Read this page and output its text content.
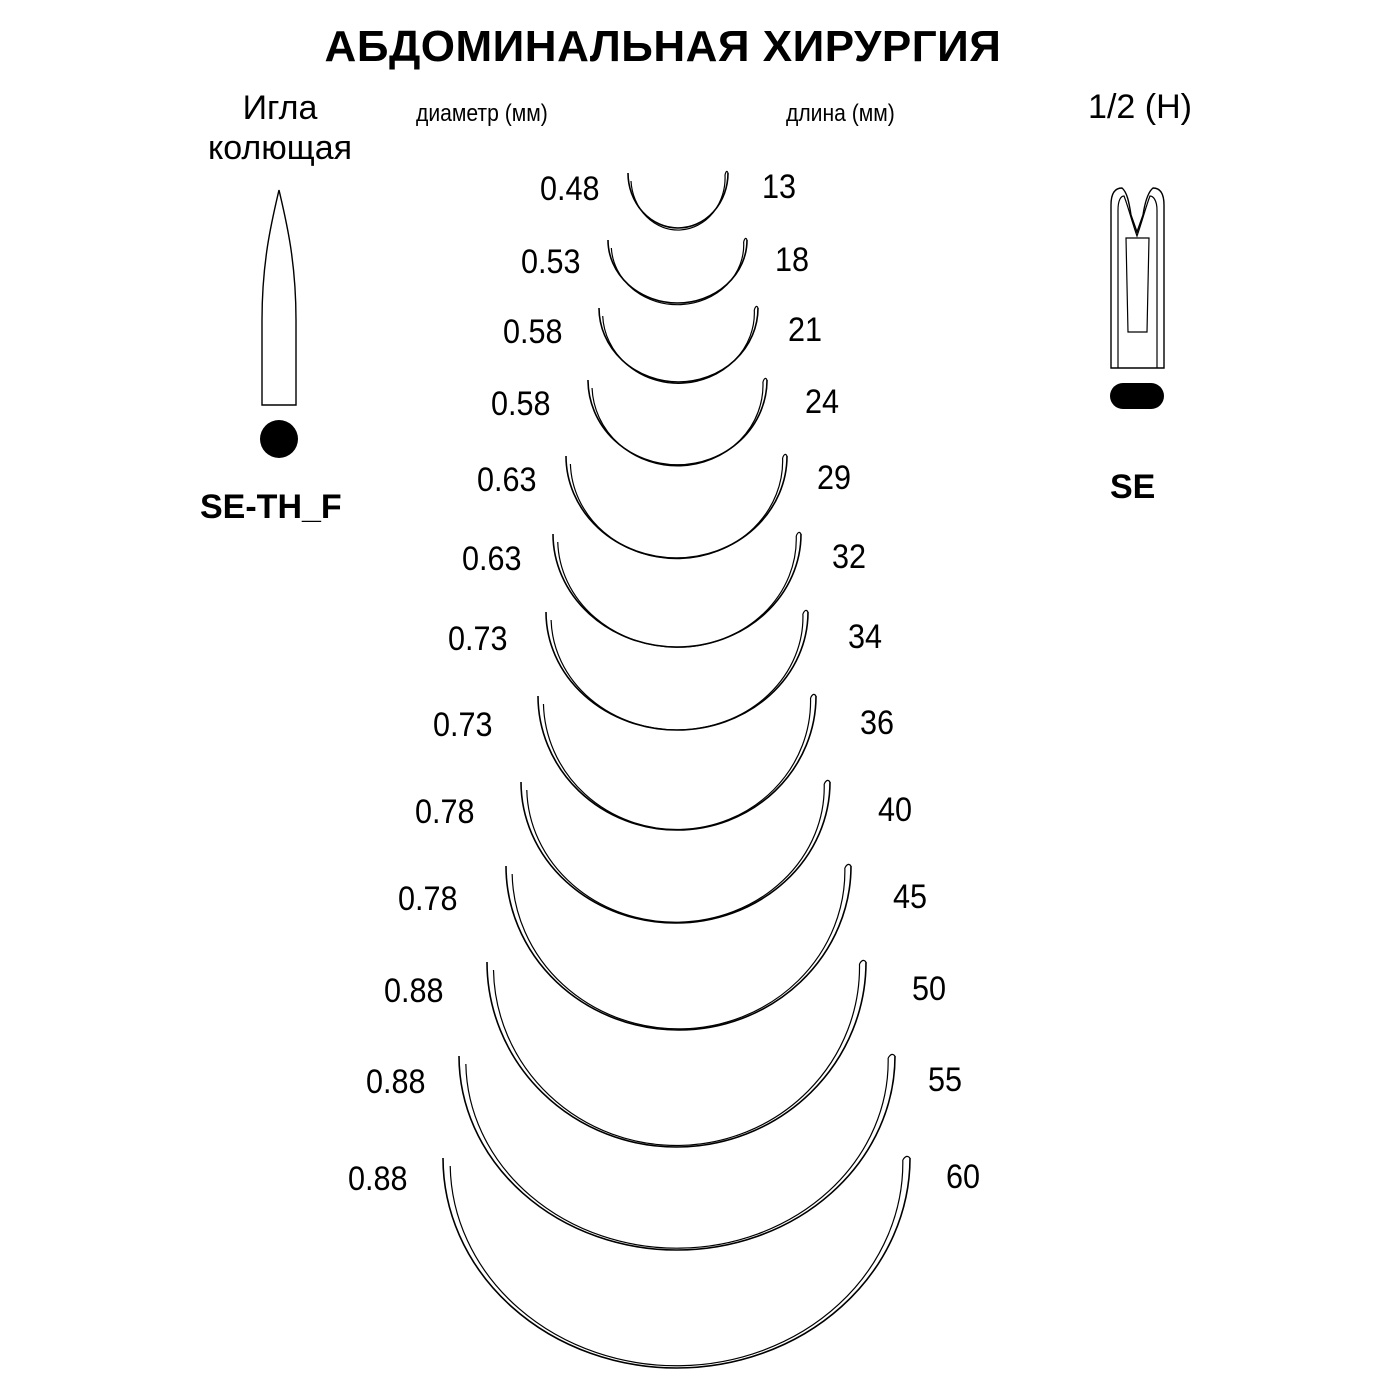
АБДОМИНАЛЬНАЯ ХИРУРГИЯ
Игла
колющая
1/2 (Н)
диаметр (мм)	длина (мм)
SE-TH_F
SE
0.48	13
0.53	18
0.58	21
0.58	24
0.63	29
0.63	32
0.73	34
0.73	36
0.78	40
0.78	45
0.88	50
0.88	55
0.88	60
